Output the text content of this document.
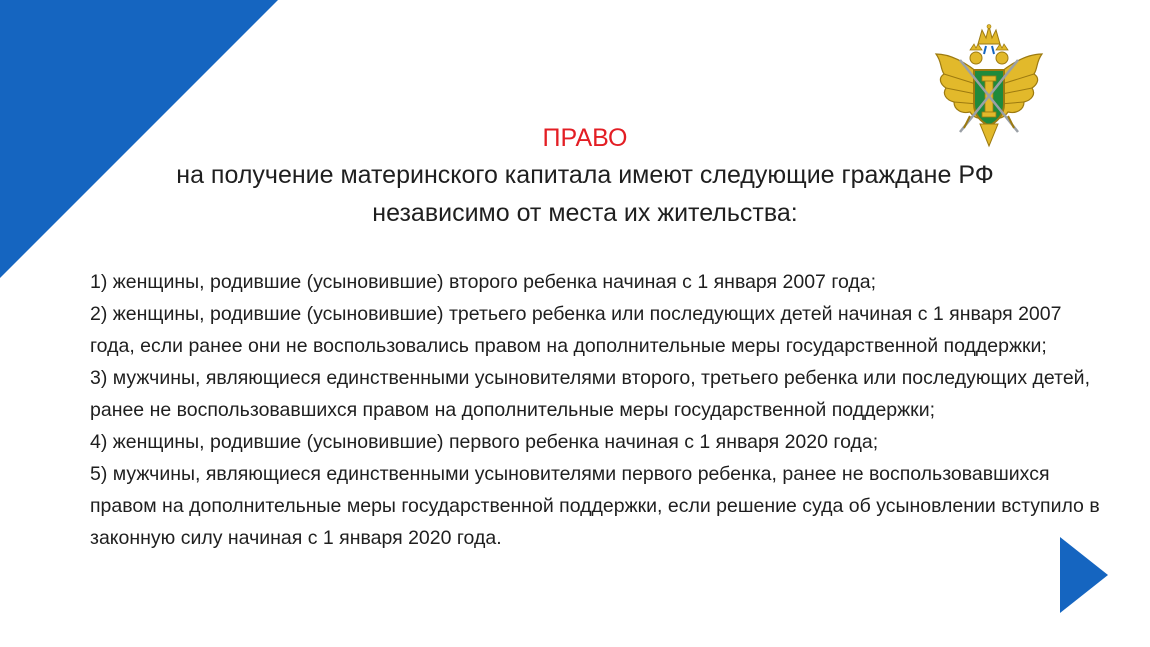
ПРАВО
на получение материнского капитала имеют следующие граждане РФ
независимо от места их жительства:
1) женщины, родившие (усыновившие) второго ребенка начиная с 1 января 2007 года;
2) женщины, родившие (усыновившие) третьего ребенка или последующих детей начиная с 1 января 2007 года, если ранее они не воспользовались правом на дополнительные меры государственной поддержки;
3) мужчины, являющиеся единственными усыновителями второго, третьего ребенка или последующих детей, ранее не воспользовавшихся правом на дополнительные меры государственной поддержки;
4) женщины, родившие (усыновившие) первого ребенка начиная с 1 января 2020 года;
5) мужчины, являющиеся единственными усыновителями первого ребенка, ранее не воспользовавшихся правом на дополнительные меры государственной поддержки, если решение суда об усыновлении вступило в законную силу начиная с 1 января 2020 года.
